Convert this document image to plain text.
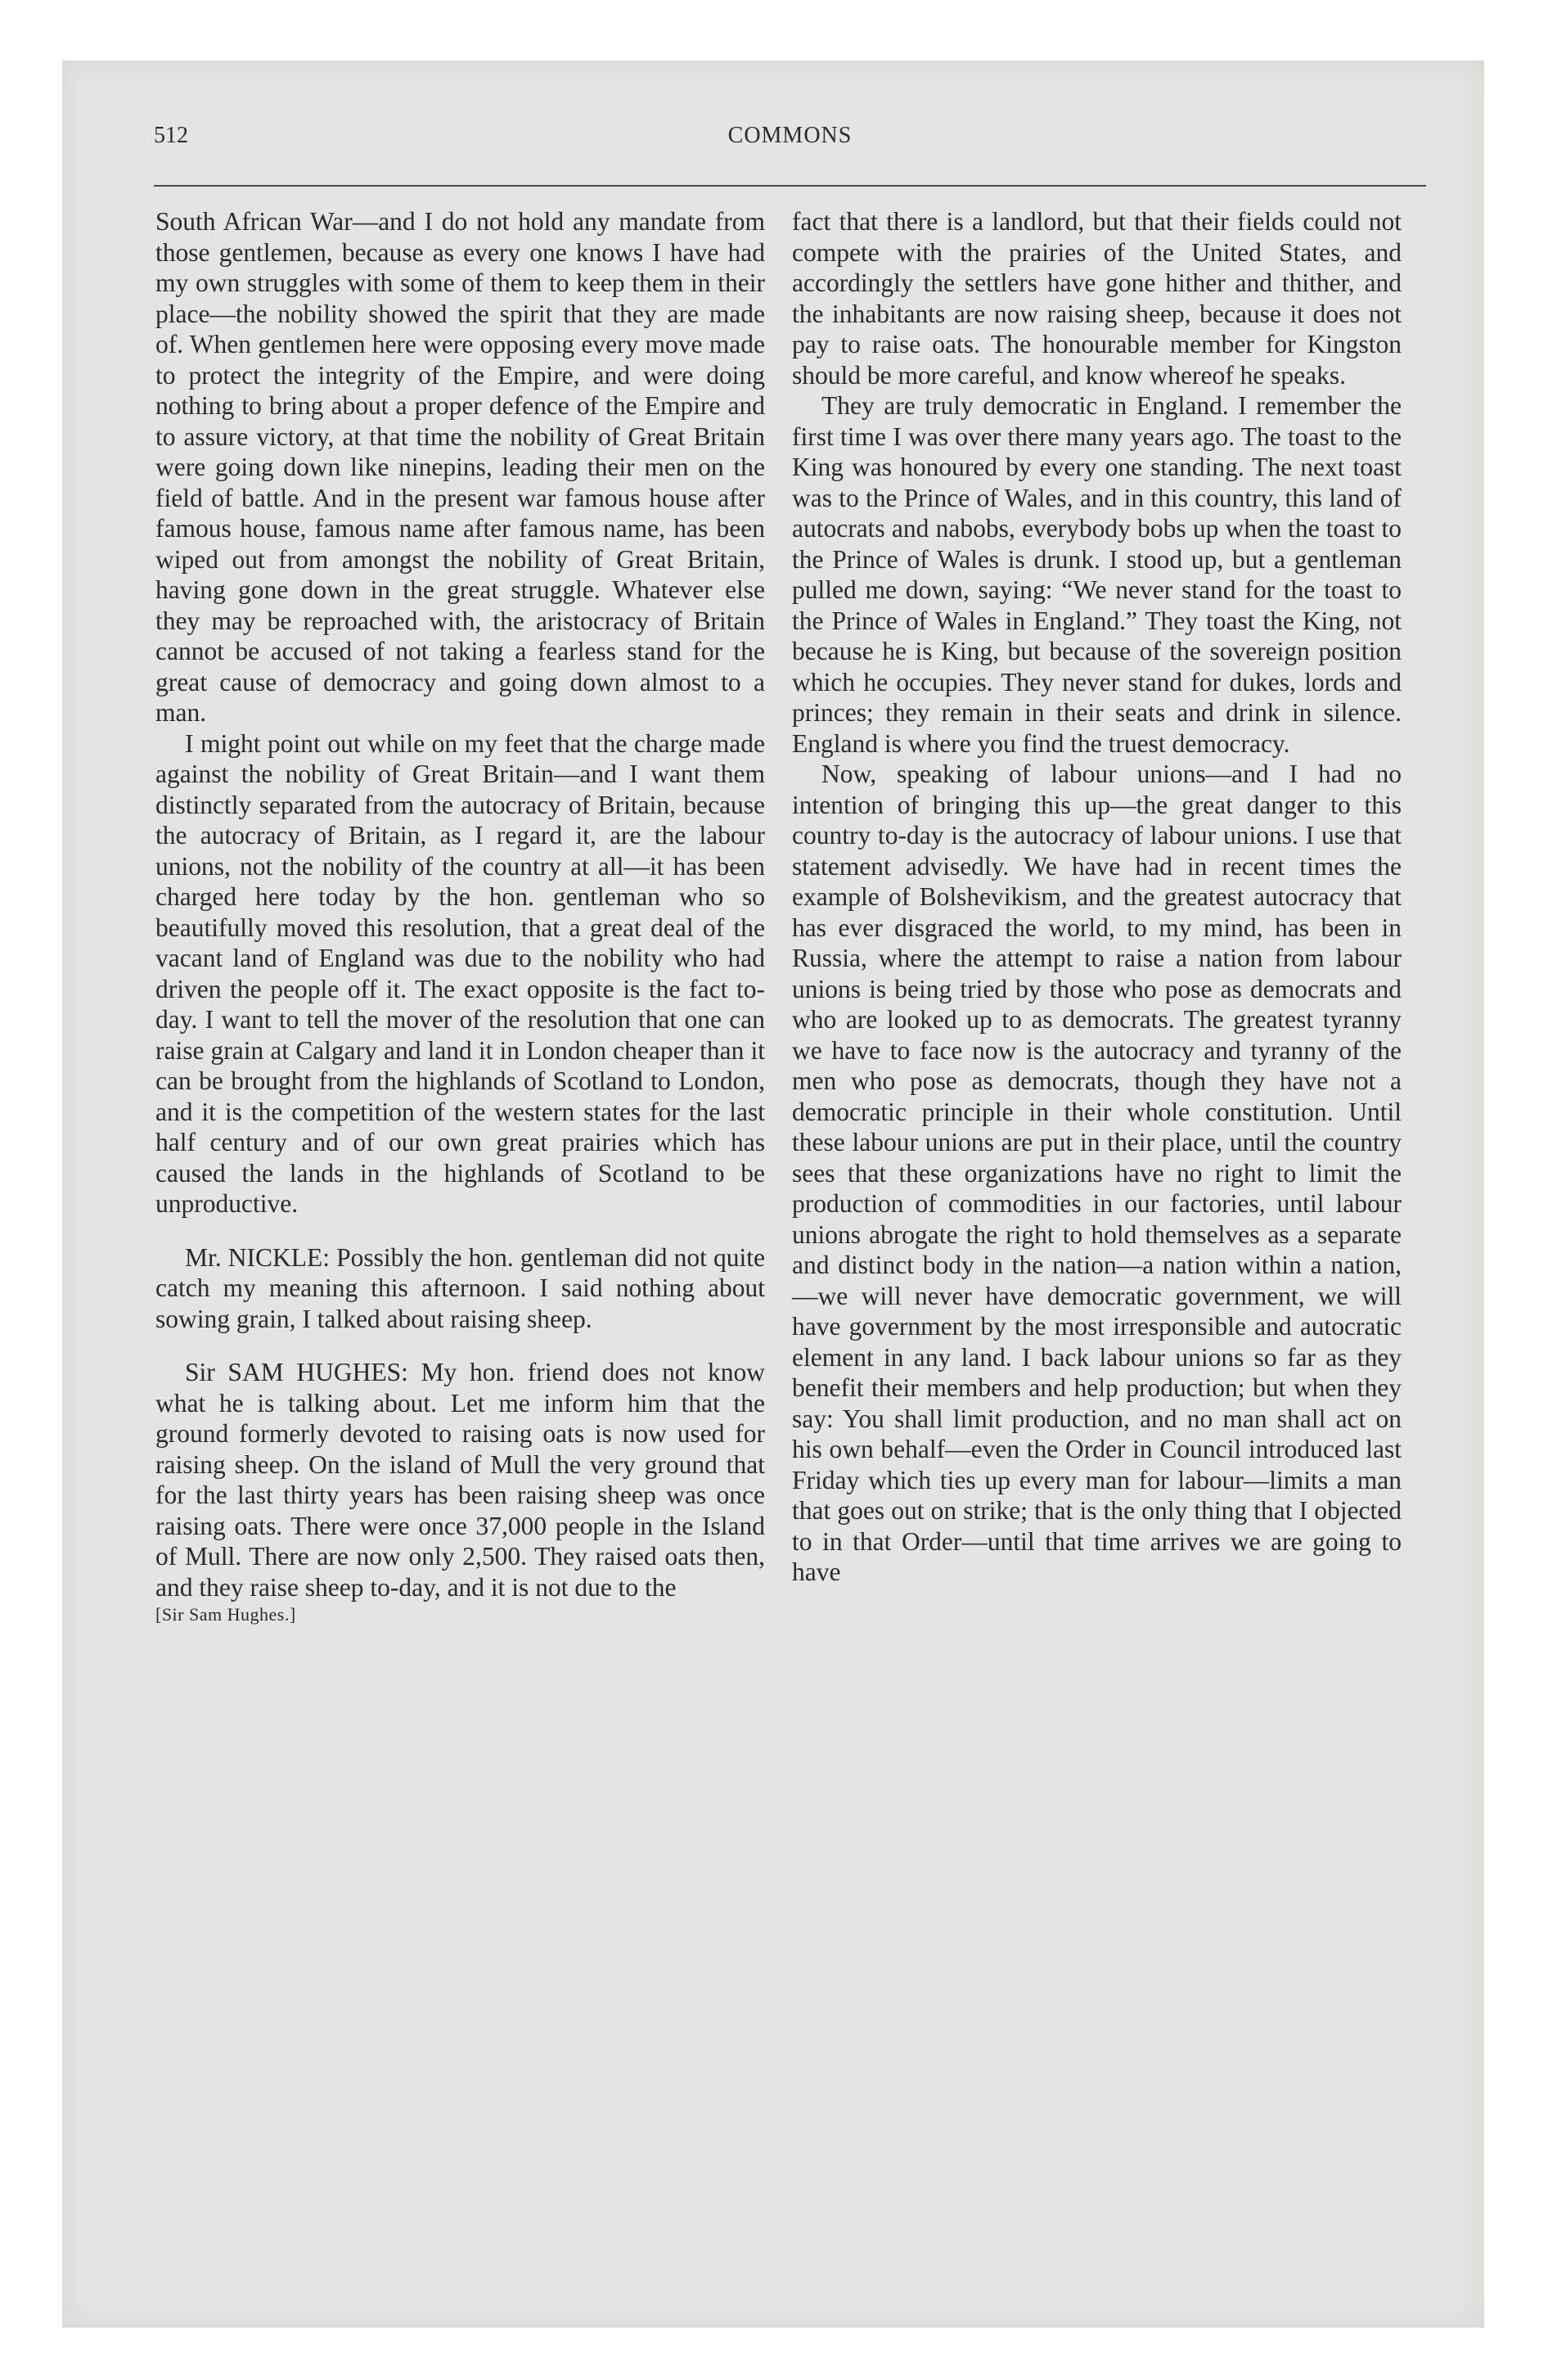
512	COMMONS

South African War—and I do not hold any mandate from those gentlemen, because as every one knows I have had my own struggles with some of them to keep them in their place—the nobility showed the spirit that they are made of. When gentlemen here were opposing every move made to protect the integrity of the Empire, and were doing nothing to bring about a proper defence of the Empire and to assure victory, at that time the nobility of Great Britain were going down like ninepins, leading their men on the field of battle. And in the present war famous house after famous house, famous name after famous name, has been wiped out from amongst the nobility of Great Britain, having gone down in the great struggle. Whatever else they may be reproached with, the aristocracy of Britain cannot be accused of not taking a fearless stand for the great cause of democracy and going down almost to a man.

I might point out while on my feet that the charge made against the nobility of Great Britain—and I want them distinctly separated from the autocracy of Britain, because the autocracy of Britain, as I regard it, are the labour unions, not the nobility of the country at all—it has been charged here today by the hon. gentleman who so beautifully moved this resolution, that a great deal of the vacant land of England was due to the nobility who had driven the people off it. The exact opposite is the fact to-day. I want to tell the mover of the resolution that one can raise grain at Calgary and land it in London cheaper than it can be brought from the highlands of Scotland to London, and it is the competition of the western states for the last half century and of our own great prairies which has caused the lands in the highlands of Scotland to be unproductive.

Mr. NICKLE: Possibly the hon. gentleman did not quite catch my meaning this afternoon. I said nothing about sowing grain, I talked about raising sheep.

Sir SAM HUGHES: My hon. friend does not know what he is talking about. Let me inform him that the ground formerly devoted to raising oats is now used for raising sheep. On the island of Mull the very ground that for the last thirty years has been raising sheep was once raising oats. There were once 37,000 people in the Island of Mull. There are now only 2,500. They raised oats then, and they raise sheep to-day, and it is not due to the

[Sir Sam Hughes.]

fact that there is a landlord, but that their fields could not compete with the prairies of the United States, and accordingly the settlers have gone hither and thither, and the inhabitants are now raising sheep, because it does not pay to raise oats. The honourable member for Kingston should be more careful, and know whereof he speaks.

They are truly democratic in England. I remember the first time I was over there many years ago. The toast to the King was honoured by every one standing. The next toast was to the Prince of Wales, and in this country, this land of autocrats and nabobs, everybody bobs up when the toast to the Prince of Wales is drunk. I stood up, but a gentleman pulled me down, saying: “We never stand for the toast to the Prince of Wales in England.” They toast the King, not because he is King, but because of the sovereign position which he occupies. They never stand for dukes, lords and princes; they remain in their seats and drink in silence. England is where you find the truest democracy.

Now, speaking of labour unions—and I had no intention of bringing this up—the great danger to this country to-day is the autocracy of labour unions. I use that statement advisedly. We have had in recent times the example of Bolshevikism, and the greatest autocracy that has ever disgraced the world, to my mind, has been in Russia, where the attempt to raise a nation from labour unions is being tried by those who pose as democrats and who are looked up to as democrats. The greatest tyranny we have to face now is the autocracy and tyranny of the men who pose as democrats, though they have not a democratic principle in their whole constitution. Until these labour unions are put in their place, until the country sees that these organizations have no right to limit the production of commodities in our factories, until labour unions abrogate the right to hold themselves as a separate and distinct body in the nation—a nation within a nation,—we will never have democratic government, we will have government by the most irresponsible and autocratic element in any land. I back labour unions so far as they benefit their members and help production; but when they say: You shall limit production, and no man shall act on his own behalf—even the Order in Council introduced last Friday which ties up every man for labour—limits a man that goes out on strike; that is the only thing that I objected to in that Order—until that time arrives we are going to have
